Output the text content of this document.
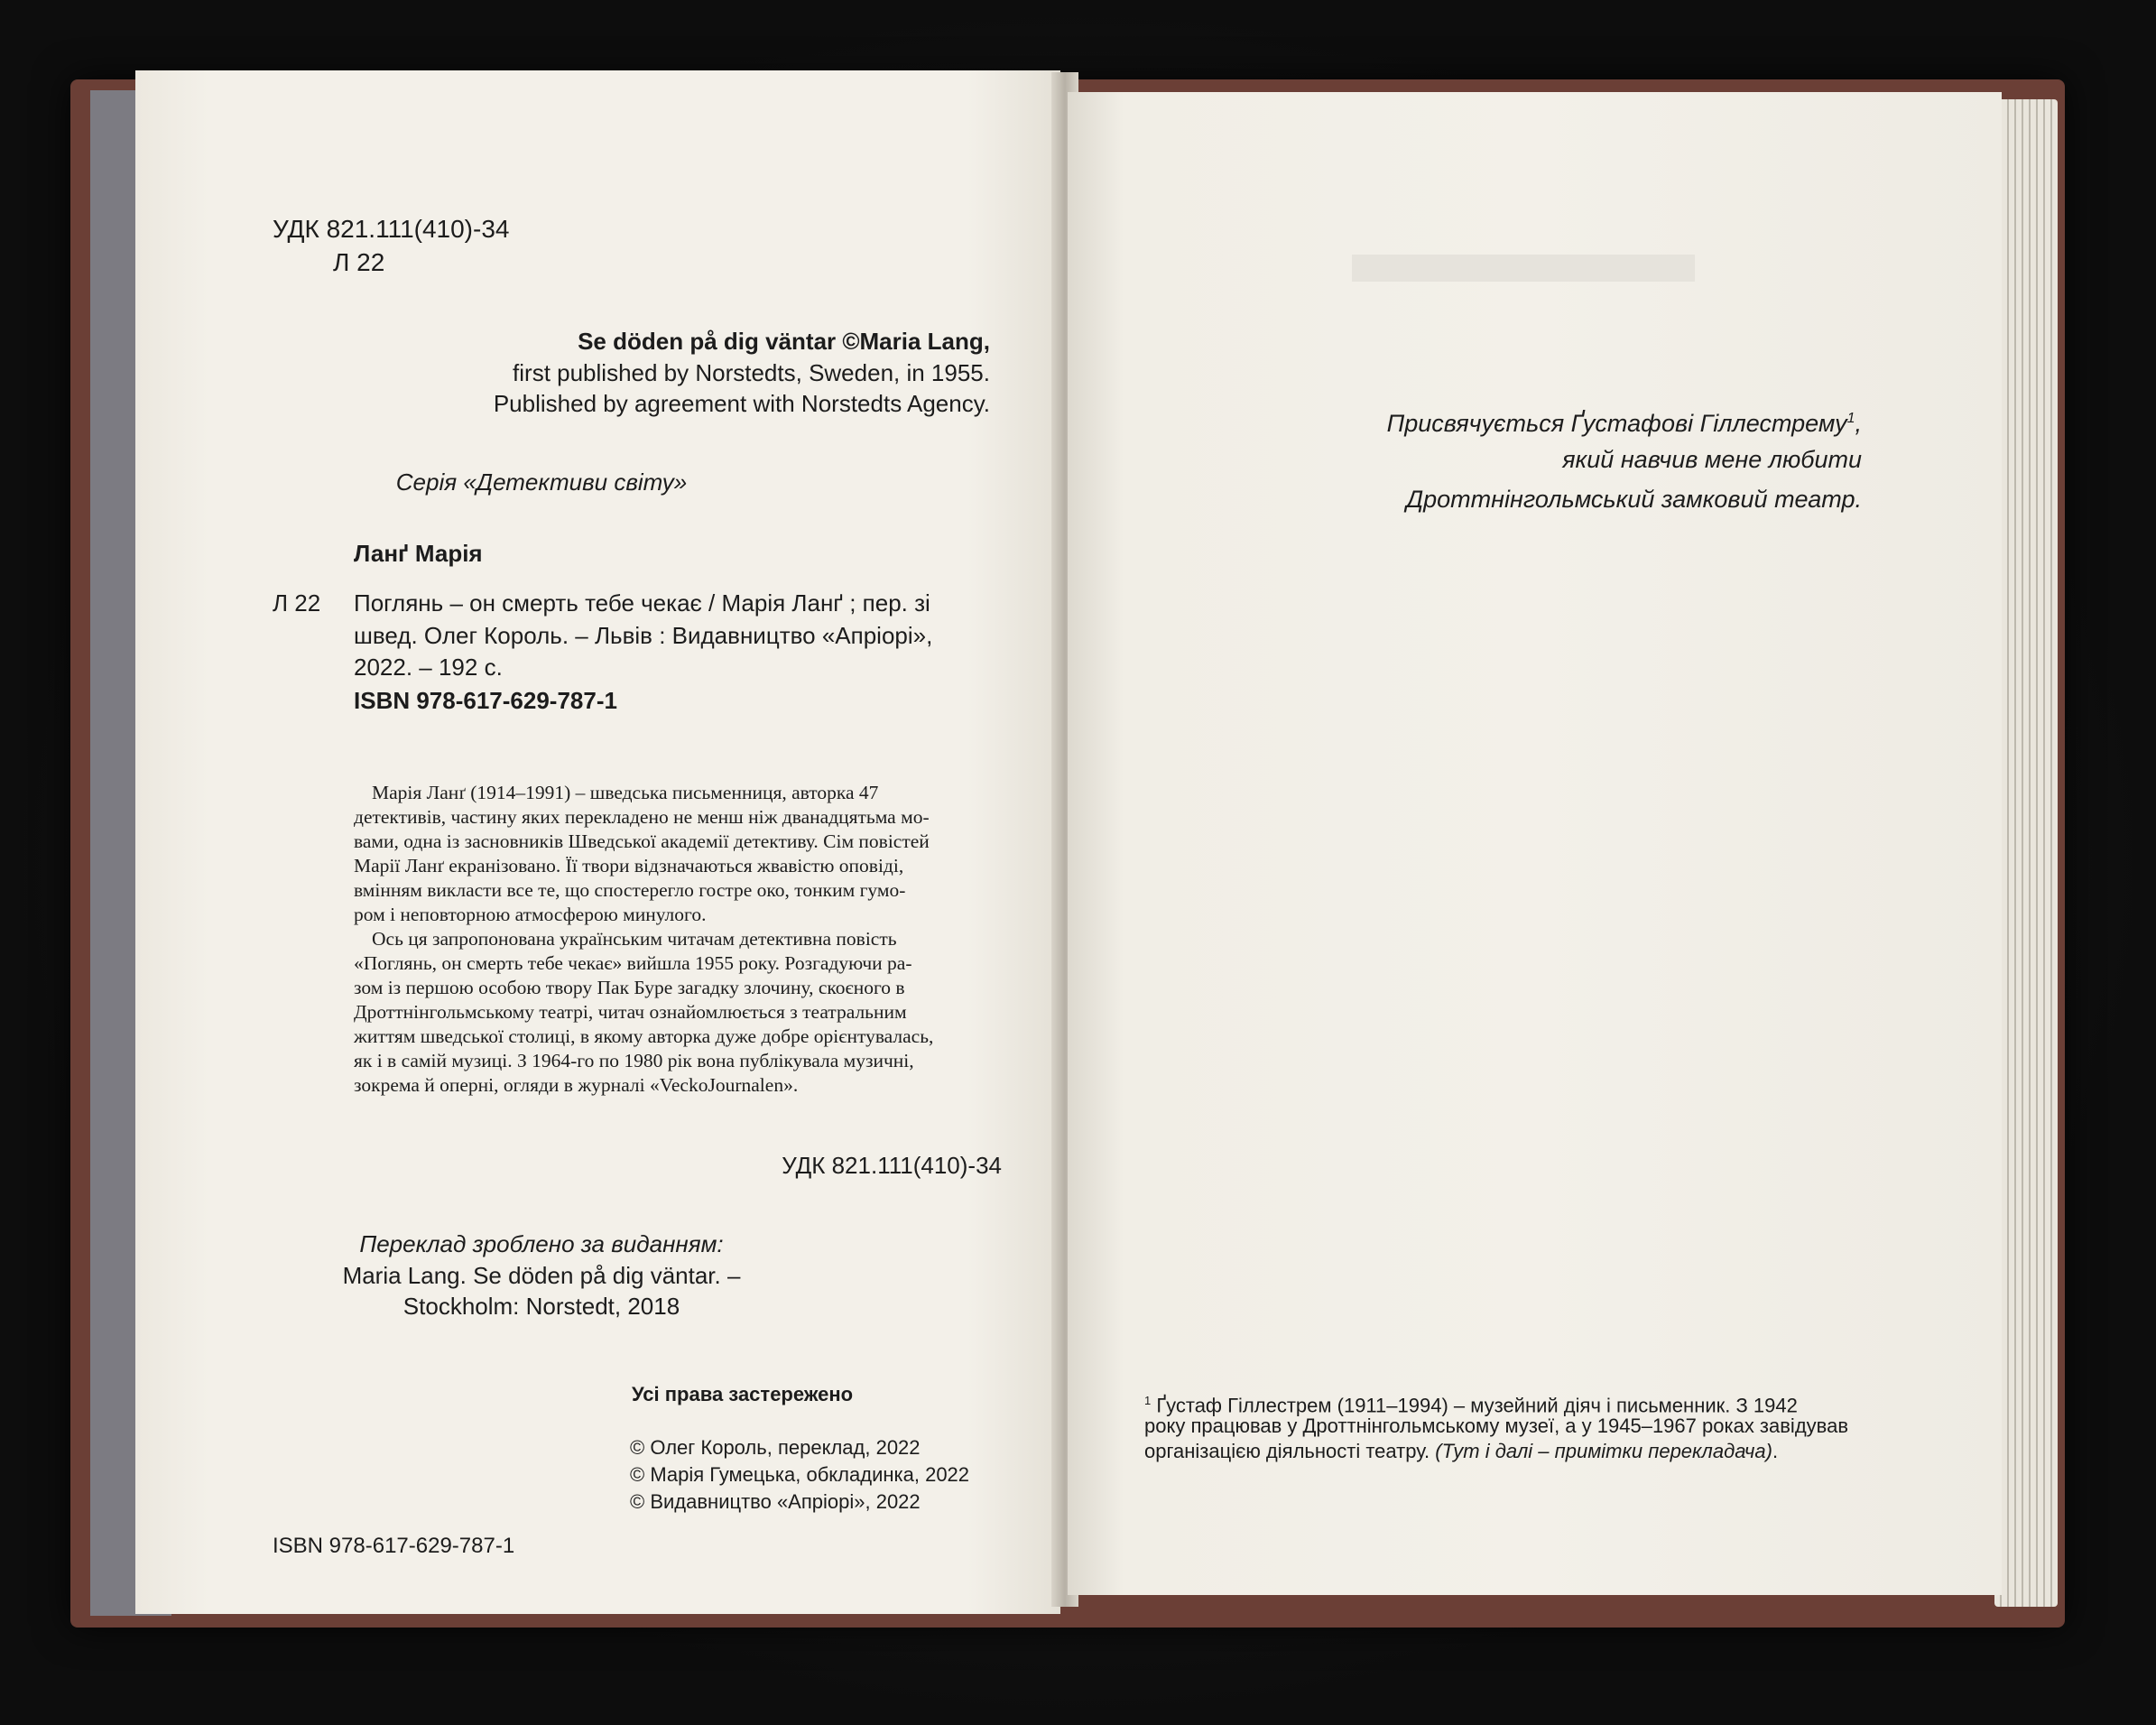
УДК 821.111(410)-34
Л 22
Se döden på dig väntar ©Maria Lang,
first published by Norstedts, Sweden, in 1955.
Published by agreement with Norstedts Agency.
Серія «Детективи світу»
Ланґ Марія
Л 22 Поглянь – он смерть тебе чекає / Марія Ланґ ; пер. зі
швед. Олег Король. – Львів : Видавництво «Апріорі»,
2022. – 192 с.
ISBN 978-617-629-787-1
Марія Ланґ (1914–1991) – шведська письменниця, авторка 47
детективів, частину яких перекладено не менш ніж дванадцятьма мо-
вами, одна із засновників Шведської академії детективу. Сім повістей
Марії Ланґ екранізовано. Її твори відзначаються жвавістю оповіді,
вмінням викласти все те, що спостерегло гостре око, тонким гумо-
ром і неповторною атмосферою минулого.
Ось ця запропонована українським читачам детективна повість
«Поглянь, он смерть тебе чекає» вийшла 1955 року. Розгадуючи ра-
зом із першою особою твору Пак Буре загадку злочину, скоєного в
Дроттнінгольмському театрі, читач ознайомлюється з театральним
життям шведської столиці, в якому авторка дуже добре орієнтувалась,
як і в самій музиці. З 1964-го по 1980 рік вона публікувала музичні,
зокрема й оперні, огляди в журналі «VeckoJournalen».
УДК 821.111(410)-34
Переклад зроблено за виданням:
Maria Lang. Se döden på dig väntar. –
Stockholm: Norstedt, 2018
Усі права застережено
ISBN 978-617-629-787-1
© Олег Король, переклад, 2022
© Марія Гумецька, обкладинка, 2022
© Видавництво «Апріорі», 2022
Присвячується Ґустафові Гіллестрему$^1$,
який навчив мене любити
Дроттнінгольмський замковий театр.
$^1$ Ґустаф Гіллестрем (1911–1994) – музейний діяч і письменник. З 1942
року працював у Дроттнінгольмському музеї, а у 1945–1967 роках завідував
організацією діяльності театру. (Тут і далі – примітки перекладача).
